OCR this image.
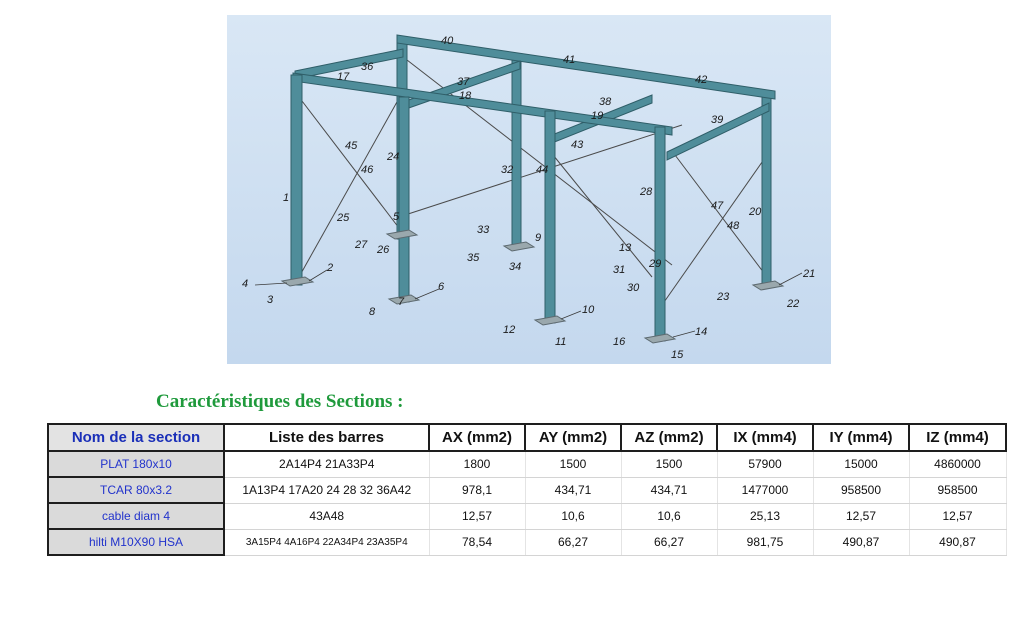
1
2
3
4
5
6
7
8
9
10
11
12
13
14
15
16
17
18
19
20
21
22
23
24
25
26
27
28
29
30
31
32
33
34
35
36
37
38
39
40
41
42
43
44
45
46
47
48
Caractéristiques des Sections :
Nom de la section	Liste des barres	AX (mm2)	AY (mm2)	AZ (mm2)	IX (mm4)	IY (mm4)	IZ (mm4)
PLAT 180x10	2A14P4 21A33P4	1800	1500	1500	57900	15000	4860000
TCAR 80x3.2	1A13P4 17A20 24 28 32 36A42	978,1	434,71	434,71	1477000	958500	958500
cable diam 4	43A48	12,57	10,6	10,6	25,13	12,57	12,57
hilti M10X90 HSA	3A15P4 4A16P4 22A34P4 23A35P4	78,54	66,27	66,27	981,75	490,87	490,87
